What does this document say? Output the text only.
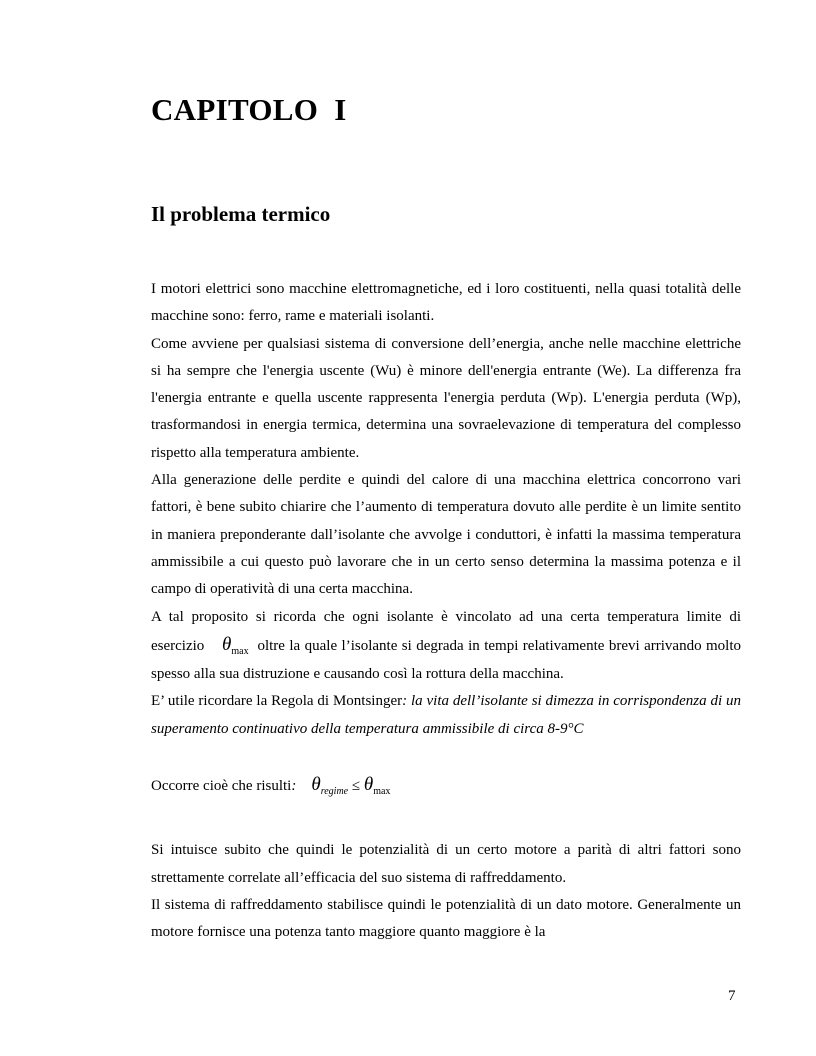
CAPITOLO  I
Il problema termico

I motori elettrici sono macchine elettromagnetiche, ed i loro costituenti, nella quasi totalità delle macchine sono: ferro, rame e materiali isolanti.

Come avviene per qualsiasi sistema di conversione dell’energia, anche nelle macchine elettriche si ha sempre che l'energia uscente (Wu) è minore dell'energia entrante (We). La differenza fra l'energia entrante e quella uscente rappresenta l'energia perduta (Wp). L'energia perduta (Wp), trasformandosi in energia termica, determina una sovraelevazione di temperatura del complesso rispetto alla temperatura ambiente.

Alla generazione delle perdite e quindi del calore di una macchina elettrica concorrono vari fattori, è bene subito chiarire che l’aumento di temperatura dovuto alle perdite è un limite sentito in maniera preponderante dall’isolante che avvolge i conduttori, è infatti la massima temperatura ammissibile a cui questo può lavorare che in un certo senso determina la massima potenza e il campo di operatività di una certa macchina.

A tal proposito si ricorda che ogni isolante è vincolato ad una certa temperatura limite di esercizio $\theta_{max}$ oltre la quale l’isolante si degrada in tempi relativamente brevi arrivando molto spesso alla sua distruzione e causando così la rottura della macchina.

E’ utile ricordare la Regola di Montsinger: la vita dell’isolante si dimezza in corrispondenza di un superamento continuativo della temperatura ammissibile di circa 8-9°C

Occorre cioè che risulti: $\theta_{regime} \le \theta_{max}$

Si intuisce subito che quindi le potenzialità di un certo motore a parità di altri fattori sono strettamente correlate all’efficacia del suo sistema di raffreddamento.

Il sistema di raffreddamento stabilisce quindi le potenzialità di un dato motore. Generalmente un motore fornisce una potenza tanto maggiore quanto maggiore è la

7
